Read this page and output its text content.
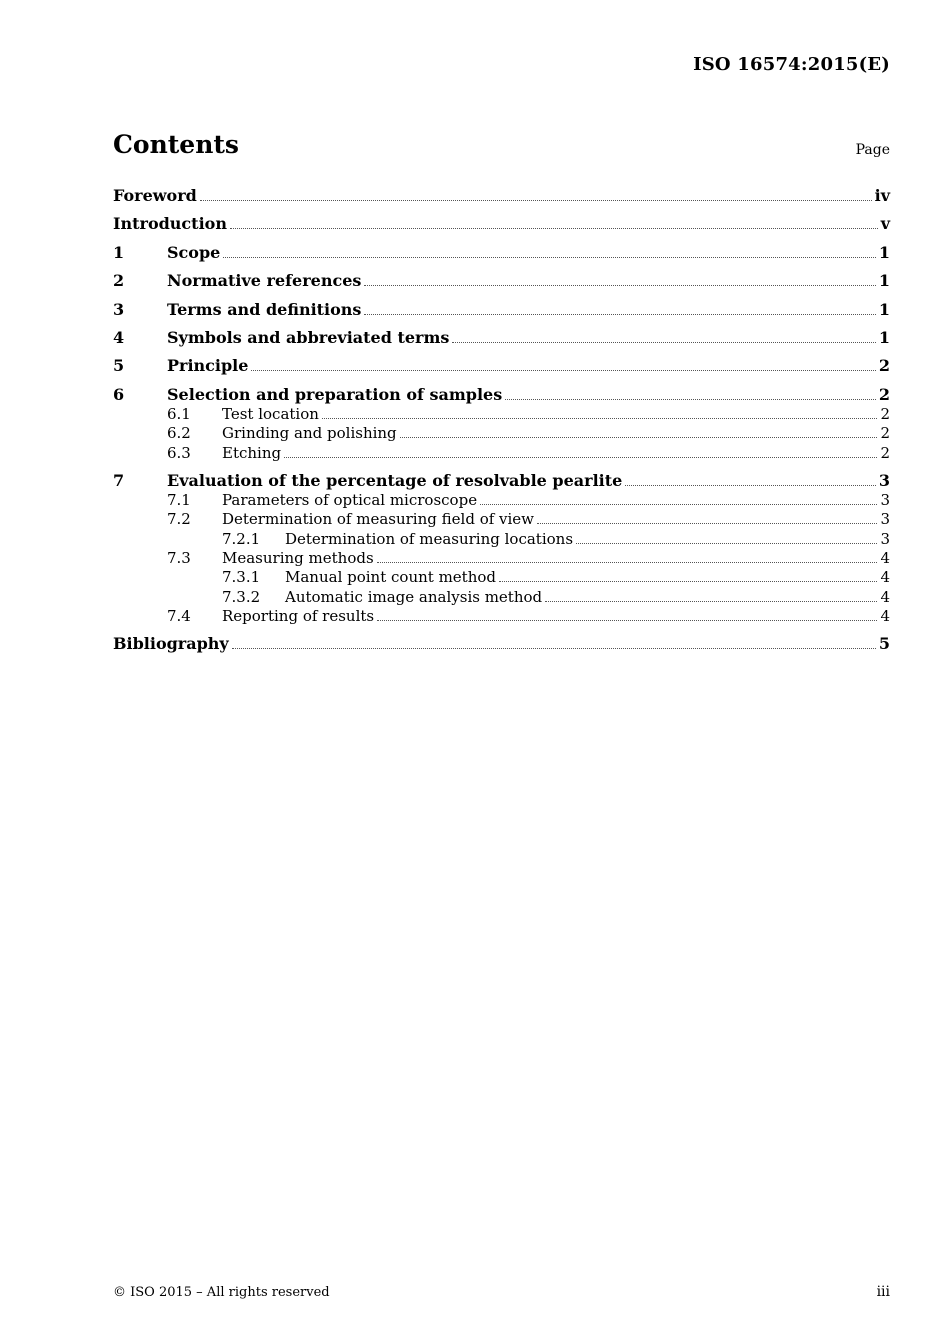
ISO 16574:2015(E)
Contents	Page
Foreword	iv
Introduction	v
1	Scope	1
2	Normative references	1
3	Terms and definitions	1
4	Symbols and abbreviated terms	1
5	Principle	2
6	Selection and preparation of samples	2
6.1	Test location	2
6.2	Grinding and polishing	2
6.3	Etching	2
7	Evaluation of the percentage of resolvable pearlite	3
7.1	Parameters of optical microscope	3
7.2	Determination of measuring field of view	3
7.2.1	Determination of measuring locations	3
7.3	Measuring methods	4
7.3.1	Manual point count method	4
7.3.2	Automatic image analysis method	4
7.4	Reporting of results	4
Bibliography	5
© ISO 2015 – All rights reserved	iii
